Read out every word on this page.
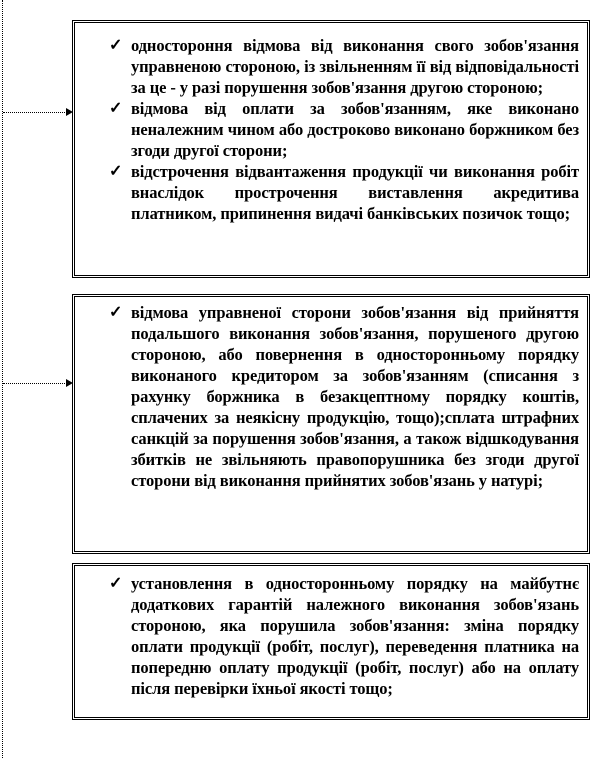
✓ одностороння відмова від виконання свого зобов'язання управненою стороною, із звільненням її від відповідальності за це - у разі порушення зобов'язання другою стороною;
✓ відмова від оплати за зобов'язанням, яке виконано неналежним чином або достроково виконано боржником без згоди другої сторони;
✓ відстрочення відвантаження продукції чи виконання робіт внаслідок прострочення виставлення акредитива платником, припинення видачі банківських позичок тощо;
✓ відмова управненої сторони зобов'язання від прийняття подальшого виконання зобов'язання, порушеного другою стороною, або повернення в односторонньому порядку виконаного кредитором за зобов'язанням (списання з рахунку боржника в безакцептному порядку коштів, сплачених за неякісну продукцію, тощо);сплата штрафних санкцій за порушення зобов'язання, а також відшкодування збитків не звільняють правопорушника без згоди другої сторони від виконання прийнятих зобов'язань у натурі;
✓ установлення в односторонньому порядку на майбутнє додаткових гарантій належного виконання зобов'язань стороною, яка порушила зобов'язання: зміна порядку оплати продукції (робіт, послуг), переведення платника на попередню оплату продукції (робіт, послуг) або на оплату після перевірки їхньої якості тощо;
